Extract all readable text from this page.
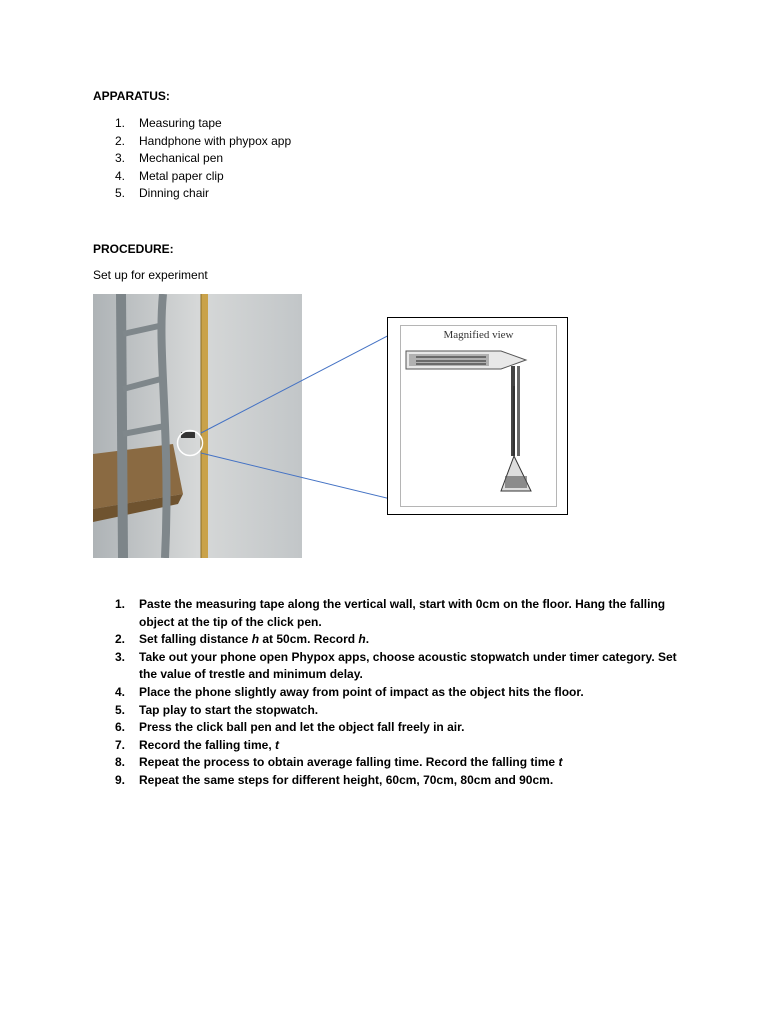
APPARATUS:
1. Measuring tape
2. Handphone with phypox app
3. Mechanical pen
4. Metal paper clip
5. Dinning chair
PROCEDURE:
Set up for experiment
Magnified view
1. Paste the measuring tape along the vertical wall, start with 0cm on the floor. Hang the falling object at the tip of the click pen.
2. Set falling distance h at 50cm. Record h.
3. Take out your phone open Phypox apps, choose acoustic stopwatch under timer category. Set the value of trestle and minimum delay.
4. Place the phone slightly away from point of impact as the object hits the floor.
5. Tap play to start the stopwatch.
6. Press the click ball pen and let the object fall freely in air.
7. Record the falling time, t
8. Repeat the process to obtain average falling time. Record the falling time t
9. Repeat the same steps for different height, 60cm, 70cm, 80cm and 90cm.
